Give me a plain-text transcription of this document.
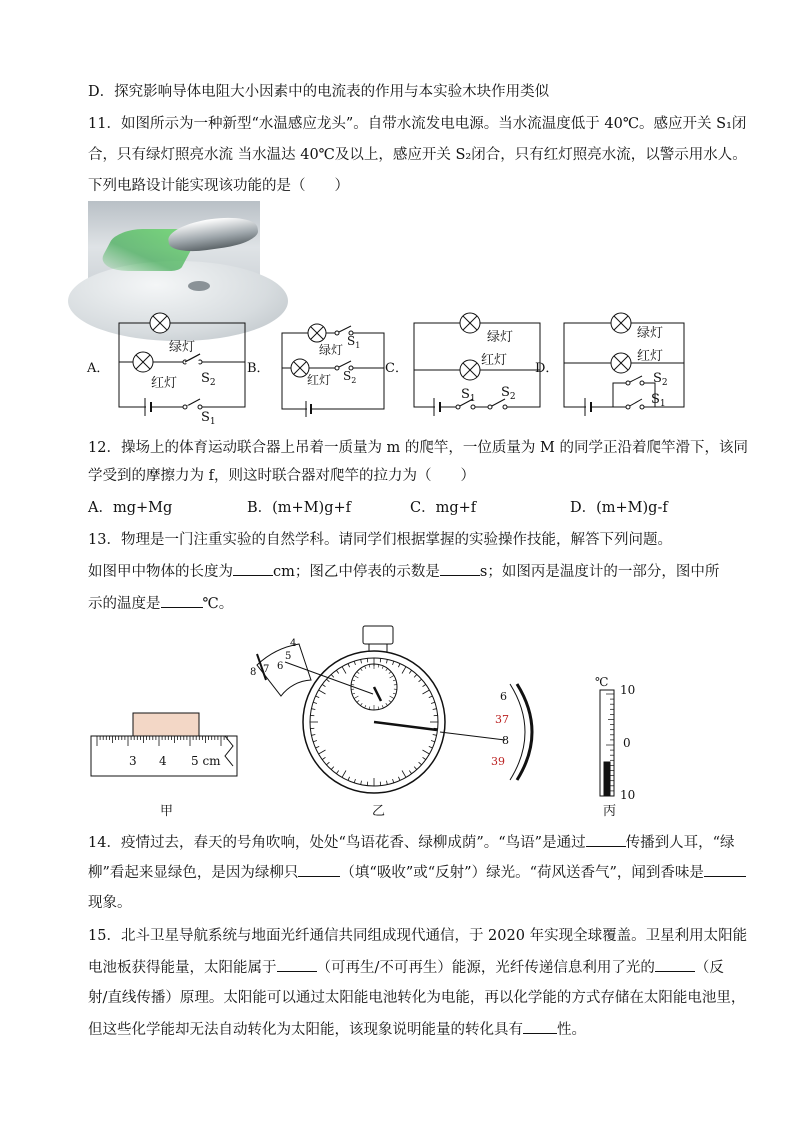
D．探究影响导体电阻大小因素中的电流表的作用与本实验木块作用类似
11．如图所示为一种新型“水温感应龙头”。自带水流发电电源。当水流温度低于 40℃。感应开关 S₁闭
合，只有绿灯照亮水流 当水温达 40℃及以上，感应开关 S₂闭合，只有红灯照亮水流，以警示用水人。
下列电路设计能实现该功能的是（　　）
A．	B．	C．	D．
绿灯
红灯 $S_2$
$S_1$
绿灯
$S_1$
红灯 $S_2$
绿灯
红灯
$S_1$ $S_2$
绿灯
红灯
$S_2$
$S_1$
12．操场上的体育运动联合器上吊着一质量为 m 的爬竿，一位质量为 M 的同学正沿着爬竿滑下，该同
学受到的摩擦力为 f，则这时联合器对爬竿的拉力为（　　）
A．mg+Mg	B．(m+M)g+f	C．mg+f	D．(m+M)g-f
13．物理是一门注重实验的自然学科。请同学们根据掌握的实验操作技能，解答下列问题。
如图甲中物体的长度为	cm；图乙中停表的示数是	s；如图丙是温度计的一部分，图中所
示的温度是	℃。
3 4 5 cm
4
5
6
7
8
6
37
8
39
℃
10
0
10
甲	乙	丙
14．疫情过去，春天的号角吹响，处处“鸟语花香、绿柳成荫”。“鸟语”是通过	传播到人耳，“绿
柳”看起来显绿色，是因为绿柳只	（填“吸收”或“反射”）绿光。“荷风送香气”，闻到香味是
现象。
15．北斗卫星导航系统与地面光纤通信共同组成现代通信，于 2020 年实现全球覆盖。卫星利用太阳能
电池板获得能量，太阳能属于	（可再生/不可再生）能源，光纤传递信息利用了光的	（反
射/直线传播）原理。太阳能可以通过太阳能电池转化为电能，再以化学能的方式存储在太阳能电池里，
但这些化学能却无法自动转化为太阳能，该现象说明能量的转化具有 性。
